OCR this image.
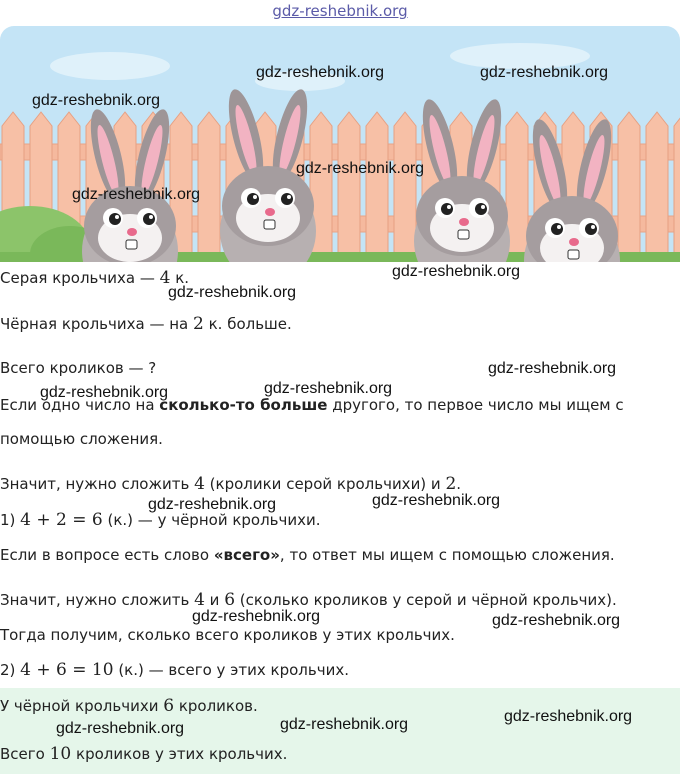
gdz-reshebnik.org
gdz-reshebnik.org	gdz-reshebnik.org
gdz-reshebnik.org
gdz-reshebnik.org
gdz-reshebnik.org
Серая крольчиха — 4 к.
Чёрная крольчиха — на 2 к. больше.
Всего кроликов — ?
Если одно число на сколько-то больше другого, то первое число мы ищем с
помощью сложения.
Значит, нужно сложить 4 (кролики серой крольчихи) и 2.
1) 4 + 2 = 6 (к.) — у чёрной крольчихи.
Если в вопросе есть слово «всего», то ответ мы ищем с помощью сложения.
Значит, нужно сложить 4 и 6 (сколько кроликов у серой и чёрной крольчих).
Тогда получим, сколько всего кроликов у этих крольчих.
2) 4 + 6 = 10 (к.) — всего у этих крольчих.
У чёрной крольчихи 6 кроликов.
Всего 10 кроликов у этих крольчих.
gdz-reshebnik.org
gdz-reshebnik.org
gdz-reshebnik.org
gdz-reshebnik.org
gdz-reshebnik.org
gdz-reshebnik.org
gdz-reshebnik.org
gdz-reshebnik.org	gdz-reshebnik.org
gdz-reshebnik.org
gdz-reshebnik.org
gdz-reshebnik.org
